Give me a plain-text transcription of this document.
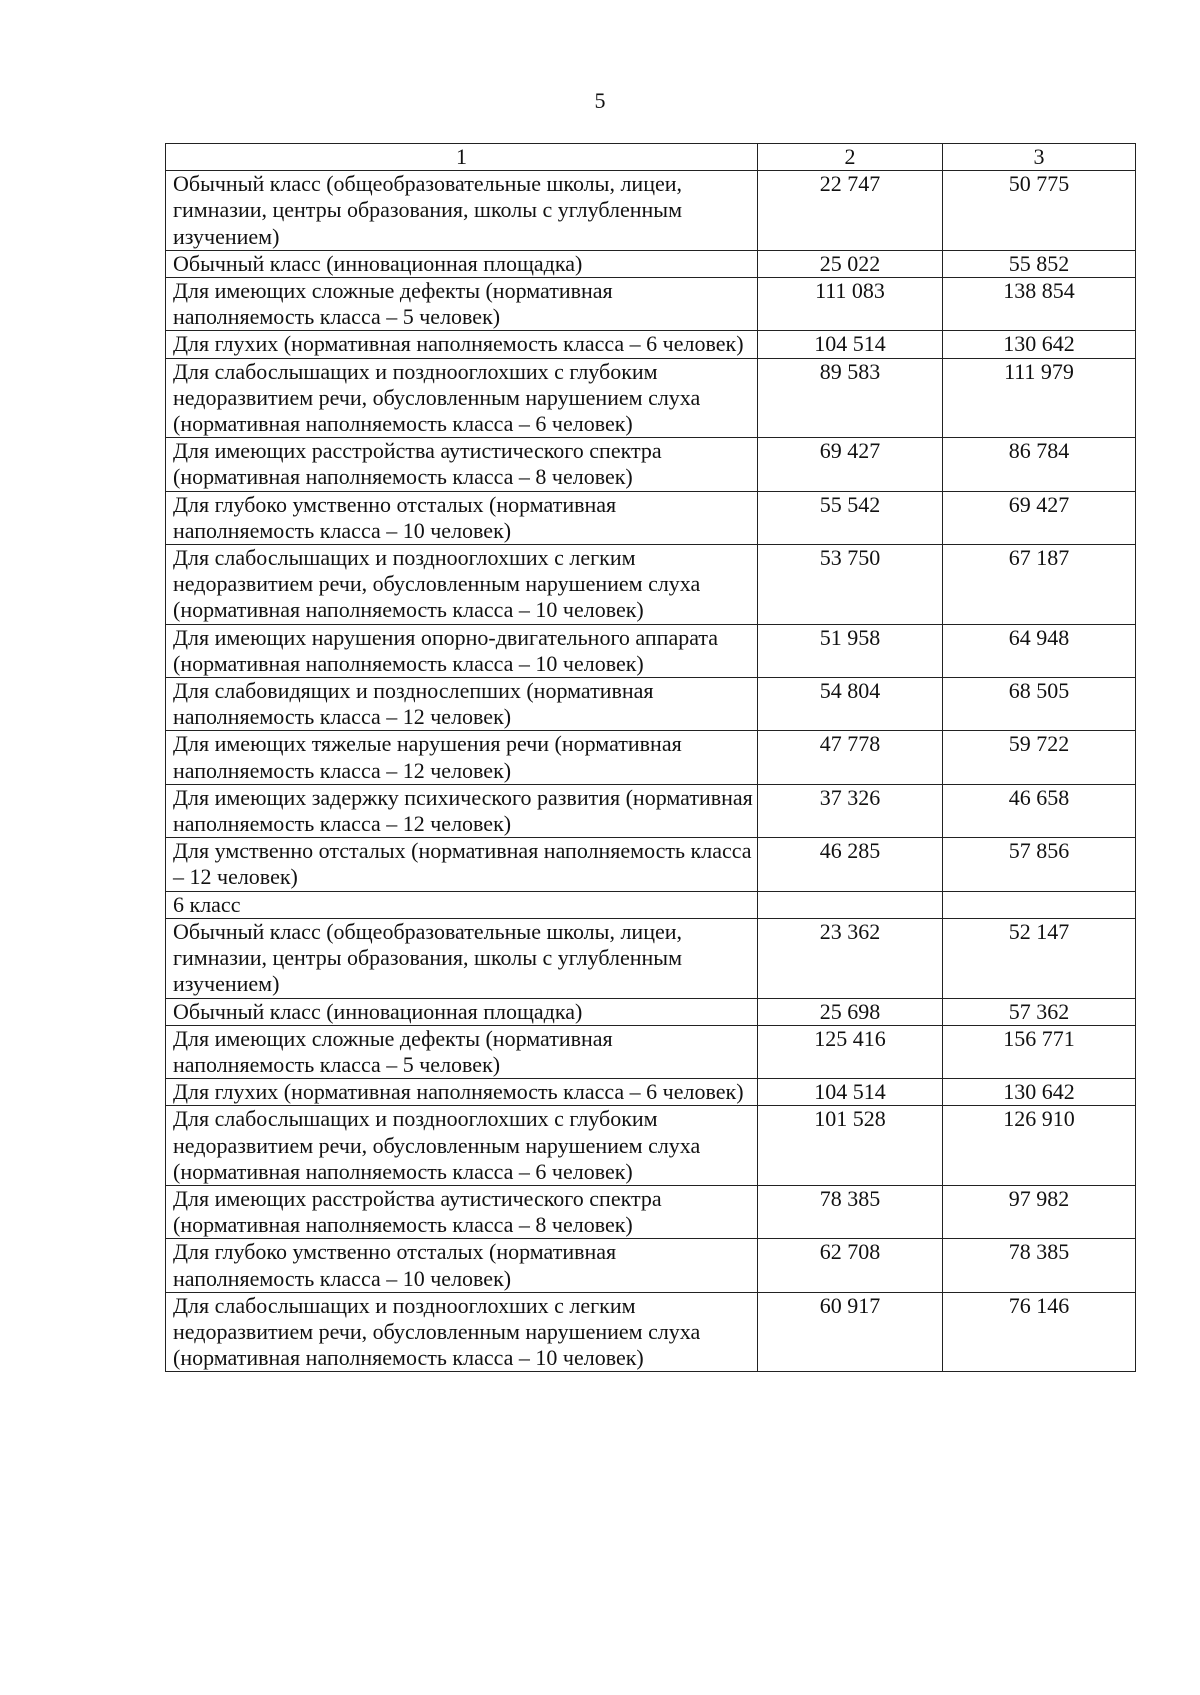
5
1	2	3
Обычный класс (общеобразовательные школы, лицеи, гимназии, центры образования, школы с углубленным изучением)	22 747	50 775
Обычный класс (инновационная площадка)	25 022	55 852
Для имеющих сложные дефекты (нормативная наполняемость класса – 5 человек)	111 083	138 854
Для глухих (нормативная наполняемость класса – 6 человек)	104 514	130 642
Для слабослышащих и позднооглохших с глубоким недоразвитием речи, обусловленным нарушением слуха (нормативная наполняемость класса – 6 человек)	89 583	111 979
Для имеющих расстройства аутистического спектра (нормативная наполняемость класса – 8 человек)	69 427	86 784
Для глубоко умственно отсталых (нормативная наполняемость класса – 10 человек)	55 542	69 427
Для слабослышащих и позднооглохших с легким недоразвитием речи, обусловленным нарушением слуха (нормативная наполняемость класса – 10 человек)	53 750	67 187
Для имеющих нарушения опорно-двигательного аппарата (нормативная наполняемость класса – 10 человек)	51 958	64 948
Для слабовидящих и позднослепших (нормативная наполняемость класса – 12 человек)	54 804	68 505
Для имеющих тяжелые нарушения речи (нормативная наполняемость класса – 12 человек)	47 778	59 722
Для имеющих задержку психического развития (нормативная наполняемость класса – 12 человек)	37 326	46 658
Для умственно отсталых (нормативная наполняемость класса – 12 человек)	46 285	57 856
6 класс		
Обычный класс (общеобразовательные школы, лицеи, гимназии, центры образования, школы с углубленным изучением)	23 362	52 147
Обычный класс (инновационная площадка)	25 698	57 362
Для имеющих сложные дефекты (нормативная наполняемость класса – 5 человек)	125 416	156 771
Для глухих (нормативная наполняемость класса – 6 человек)	104 514	130 642
Для слабослышащих и позднооглохших с глубоким недоразвитием речи, обусловленным нарушением слуха (нормативная наполняемость класса – 6 человек)	101 528	126 910
Для имеющих расстройства аутистического спектра (нормативная наполняемость класса – 8 человек)	78 385	97 982
Для глубоко умственно отсталых (нормативная наполняемость класса – 10 человек)	62 708	78 385
Для слабослышащих и позднооглохших с легким недоразвитием речи, обусловленным нарушением слуха (нормативная наполняемость класса – 10 человек)	60 917	76 146
